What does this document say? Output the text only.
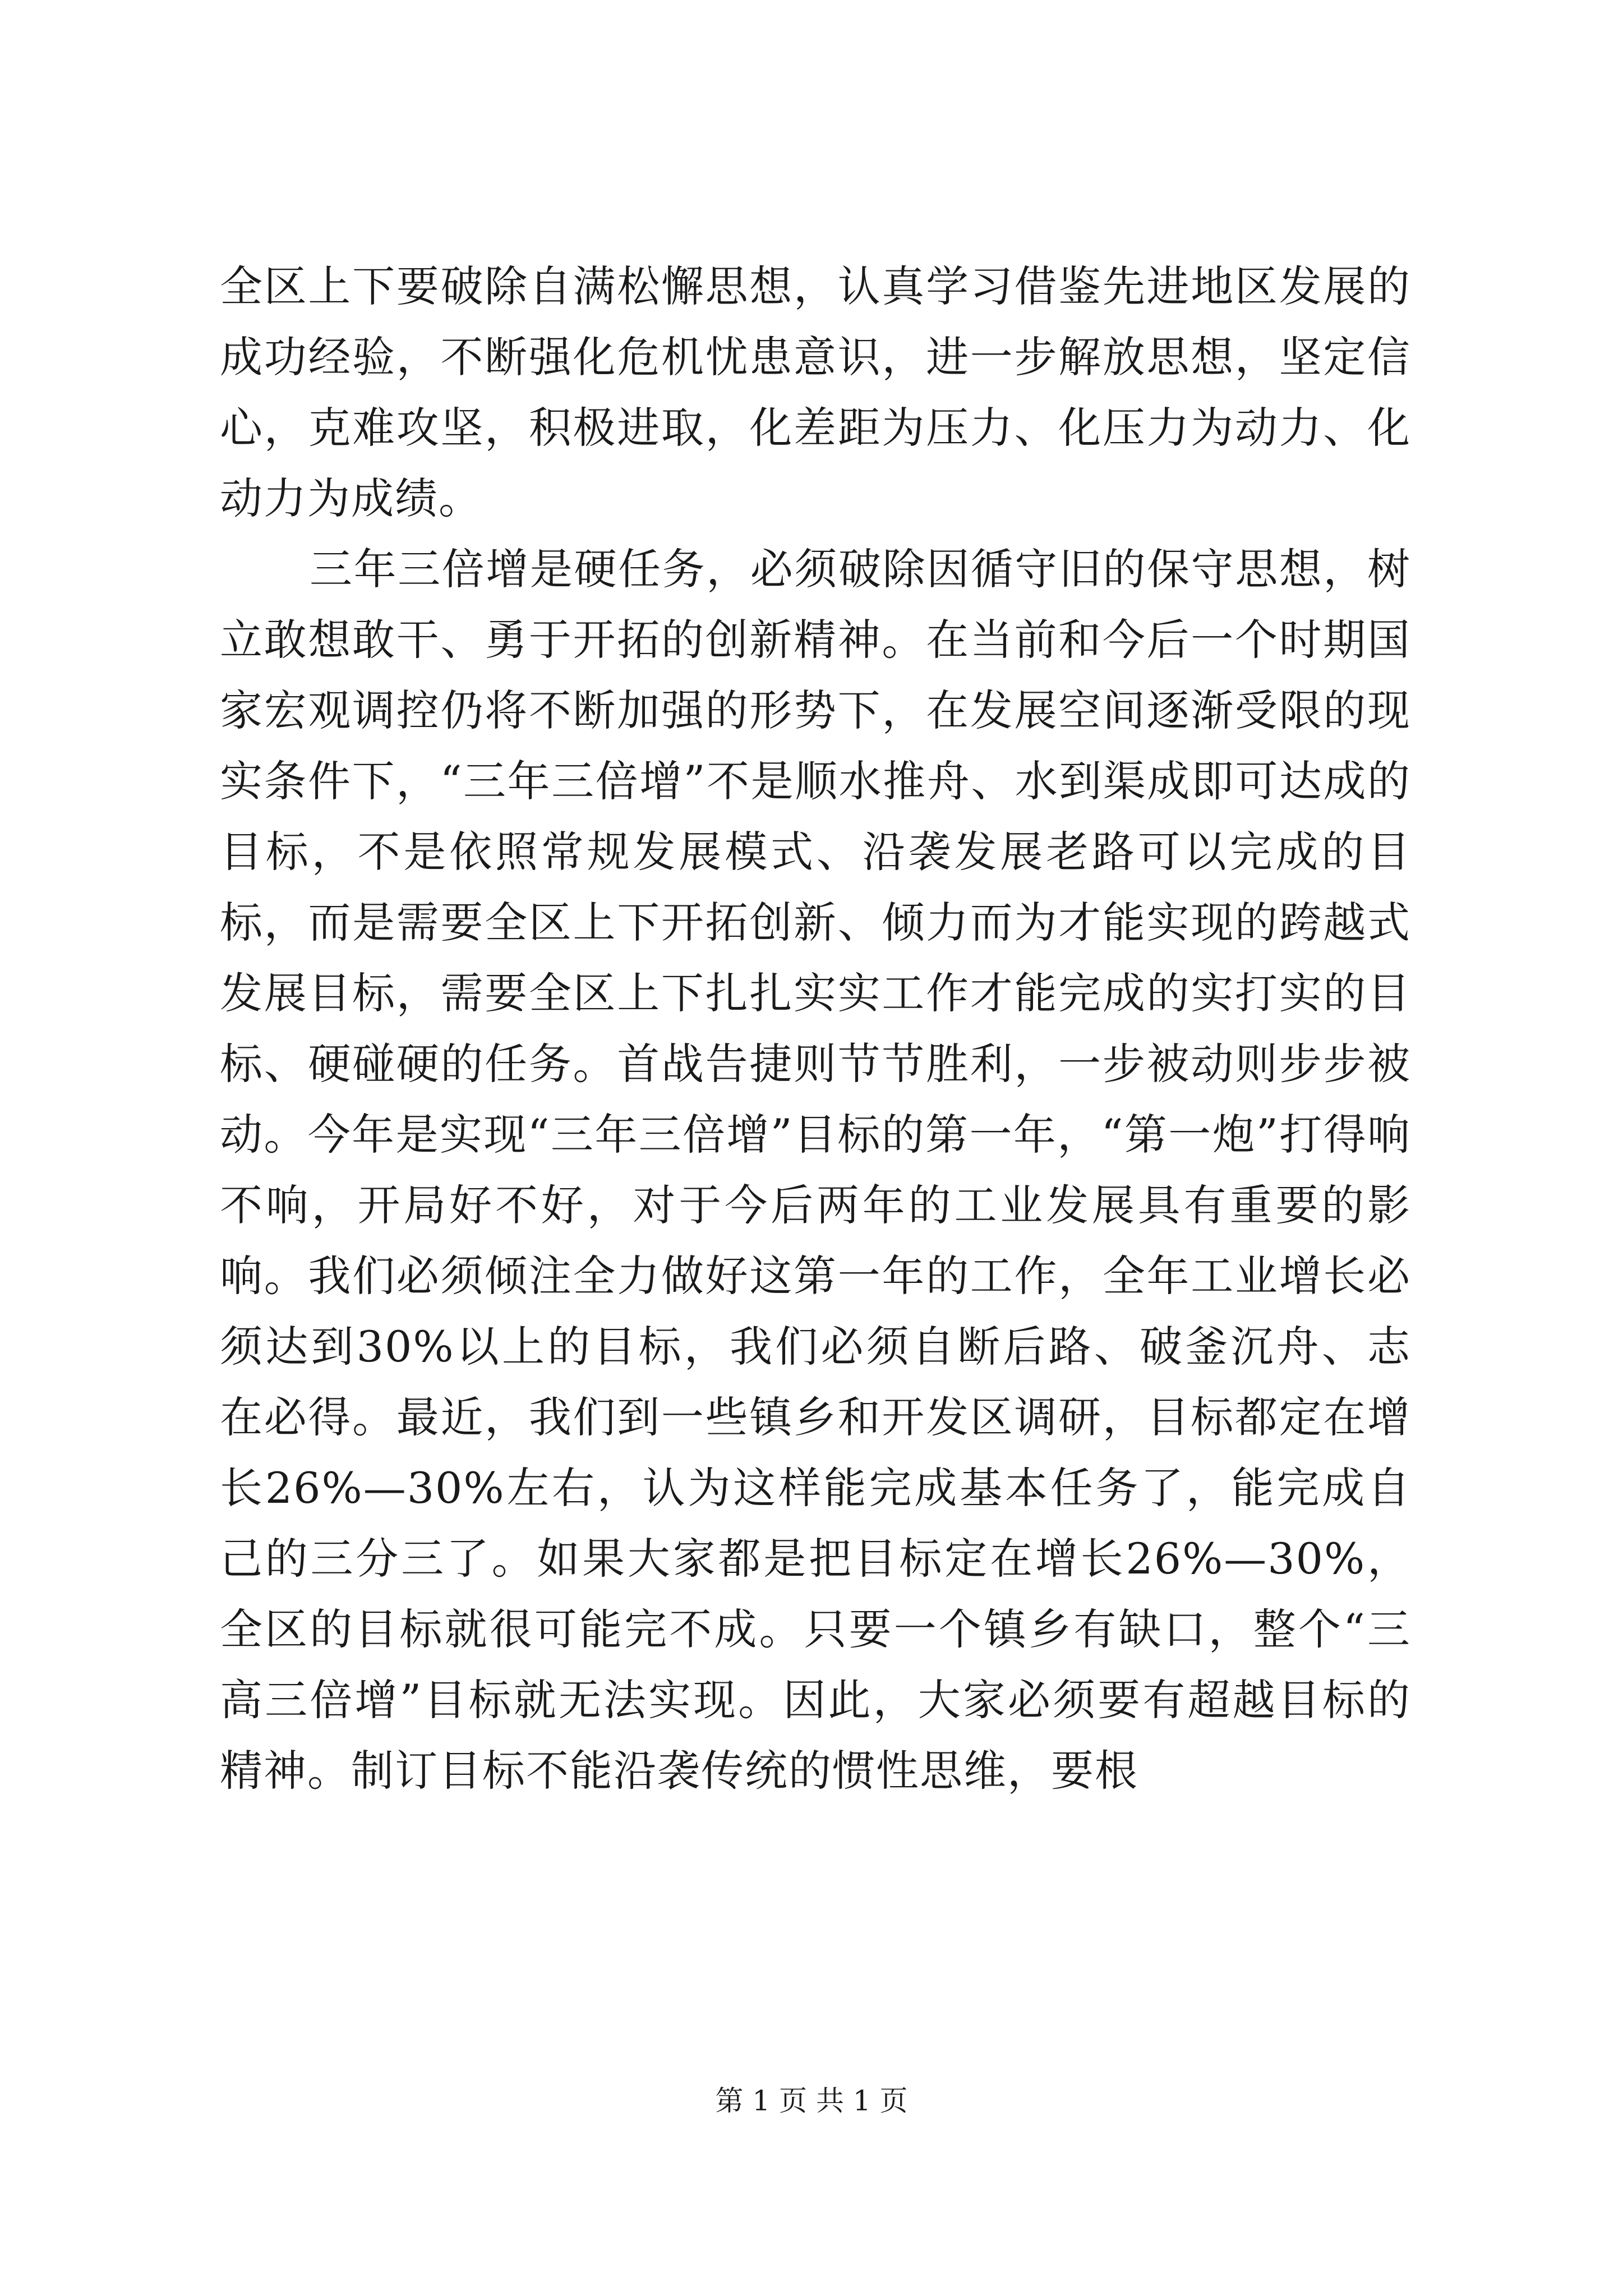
全区上下要破除自满松懈思想，认真学习借鉴先进地区发展的成功经验，不断强化危机忧患意识，进一步解放思想，坚定信心，克难攻坚，积极进取，化差距为压力、化压力为动力、化动力为成绩。

三年三倍增是硬任务，必须破除因循守旧的保守思想，树立敢想敢干、勇于开拓的创新精神。在当前和今后一个时期国家宏观调控仍将不断加强的形势下，在发展空间逐渐受限的现实条件下，“三年三倍增”不是顺水推舟、水到渠成即可达成的目标，不是依照常规发展模式、沿袭发展老路可以完成的目标，而是需要全区上下开拓创新、倾力而为才能实现的跨越式发展目标，需要全区上下扎扎实实工作才能完成的实打实的目标、硬碰硬的任务。首战告捷则节节胜利，一步被动则步步被动。今年是实现“三年三倍增”目标的第一年，“第一炮”打得响不响，开局好不好，对于今后两年的工业发展具有重要的影响。我们必须倾注全力做好这第一年的工作，全年工业增长必须达到30%以上的目标，我们必须自断后路、破釜沉舟、志在必得。最近，我们到一些镇乡和开发区调研，目标都定在增长26%—30%左右，认为这样能完成基本任务了，能完成自己的三分三了。如果大家都是把目标定在增长26%—30%，全区的目标就很可能完不成。只要一个镇乡有缺口，整个“三高三倍增”目标就无法实现。因此，大家必须要有超越目标的精神。制订目标不能沿袭传统的惯性思维，要根

第 1 页 共 1 页
